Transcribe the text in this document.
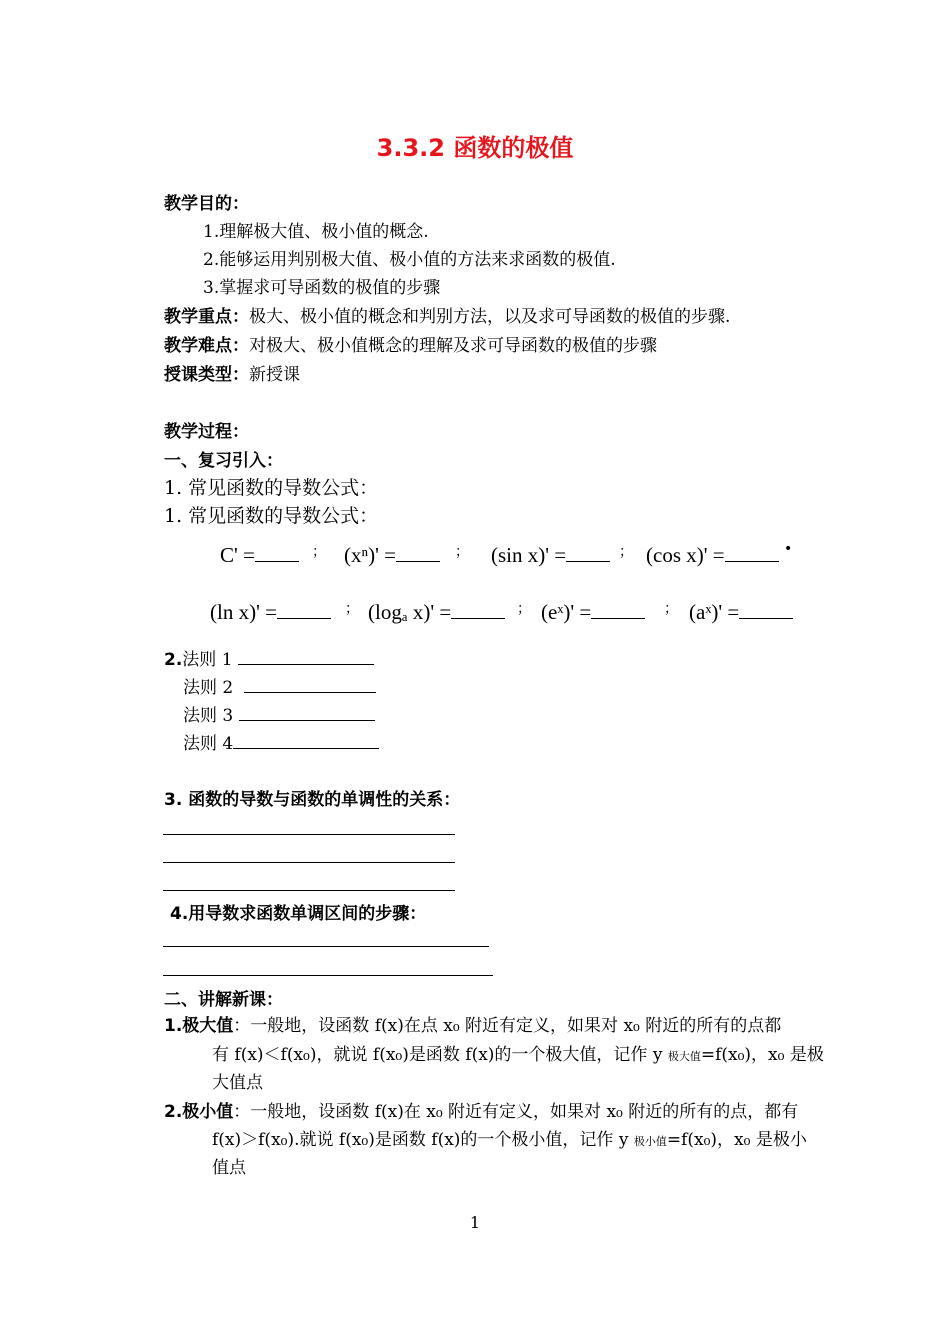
3.3.2 函数的极值
教学目的：
1.理解极大值、极小值的概念.
2.能够运用判别极大值、极小值的方法来求函数的极值.
3.掌握求可导函数的极值的步骤
教学重点：极大、极小值的概念和判别方法，以及求可导函数的极值的步骤.
教学难点：对极大、极小值概念的理解及求可导函数的极值的步骤
授课类型：新授课
教学过程：
一、复习引入：
1. 常见函数的导数公式：
1. 常见函数的导数公式：
C' =	； (xⁿ)' =	； (sin x)' =	； (cos x)' =	•
(ln x)' =	； (logₐ x)' =	； (eˣ)' =	； (aˣ)' =
2.法则 1
法则 2
法则 3
法则 4
3. 函数的导数与函数的单调性的关系：
4.用导数求函数单调区间的步骤：
二、讲解新课：
1.极大值：一般地，设函数 f(x)在点 x₀ 附近有定义，如果对 x₀ 附近的所有的点都
有 f(x)＜f(x₀)，就说 f(x₀)是函数 f(x)的一个极大值，记作 y 极大值=f(x₀)，x₀ 是极
大值点
2.极小值：一般地，设函数 f(x)在 x₀ 附近有定义，如果对 x₀ 附近的所有的点，都有
f(x)＞f(x₀).就说 f(x₀)是函数 f(x)的一个极小值，记作 y 极小值=f(x₀)，x₀ 是极小
值点
1
